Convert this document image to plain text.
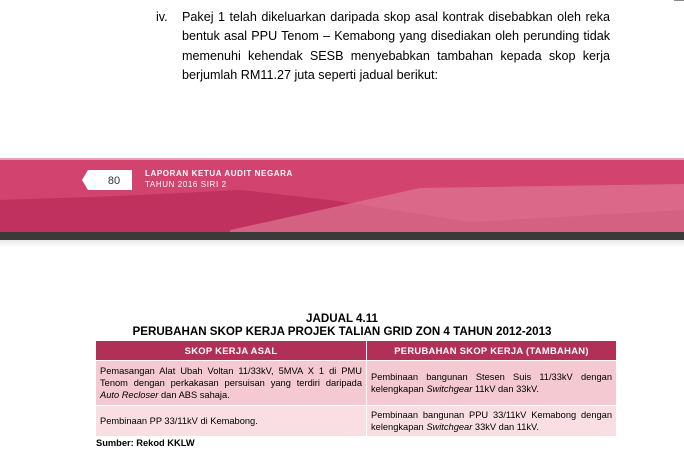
iv.	Pakej 1 telah dikeluarkan daripada skop asal kontrak disebabkan oleh reka bentuk asal PPU Tenom – Kemabong yang disediakan oleh perunding tidak memenuhi kehendak SESB menyebabkan tambahan kepada skop kerja berjumlah RM11.27 juta seperti jadual berikut:
80
LAPORAN KETUA AUDIT NEGARA
TAHUN 2016 SIRI 2
JADUAL 4.11
PERUBAHAN SKOP KERJA PROJEK TALIAN GRID ZON 4 TAHUN 2012-2013
SKOP KERJA ASAL	PERUBAHAN SKOP KERJA (TAMBAHAN)
Pemasangan Alat Ubah Voltan 11/33kV, 5MVA X 1 di PMU Tenom dengan perkakasan persuisan yang terdiri daripada Auto Recloser dan ABS sahaja.	Pembinaan bangunan Stesen Suis 11/33kV dengan kelengkapan Switchgear 11kV dan 33kV.
Pembinaan PP 33/11kV di Kemabong.	Pembinaan bangunan PPU 33/11kV Kemabong dengan kelengkapan Switchgear 33kV dan 11kV.
Sumber: Rekod KKLW
